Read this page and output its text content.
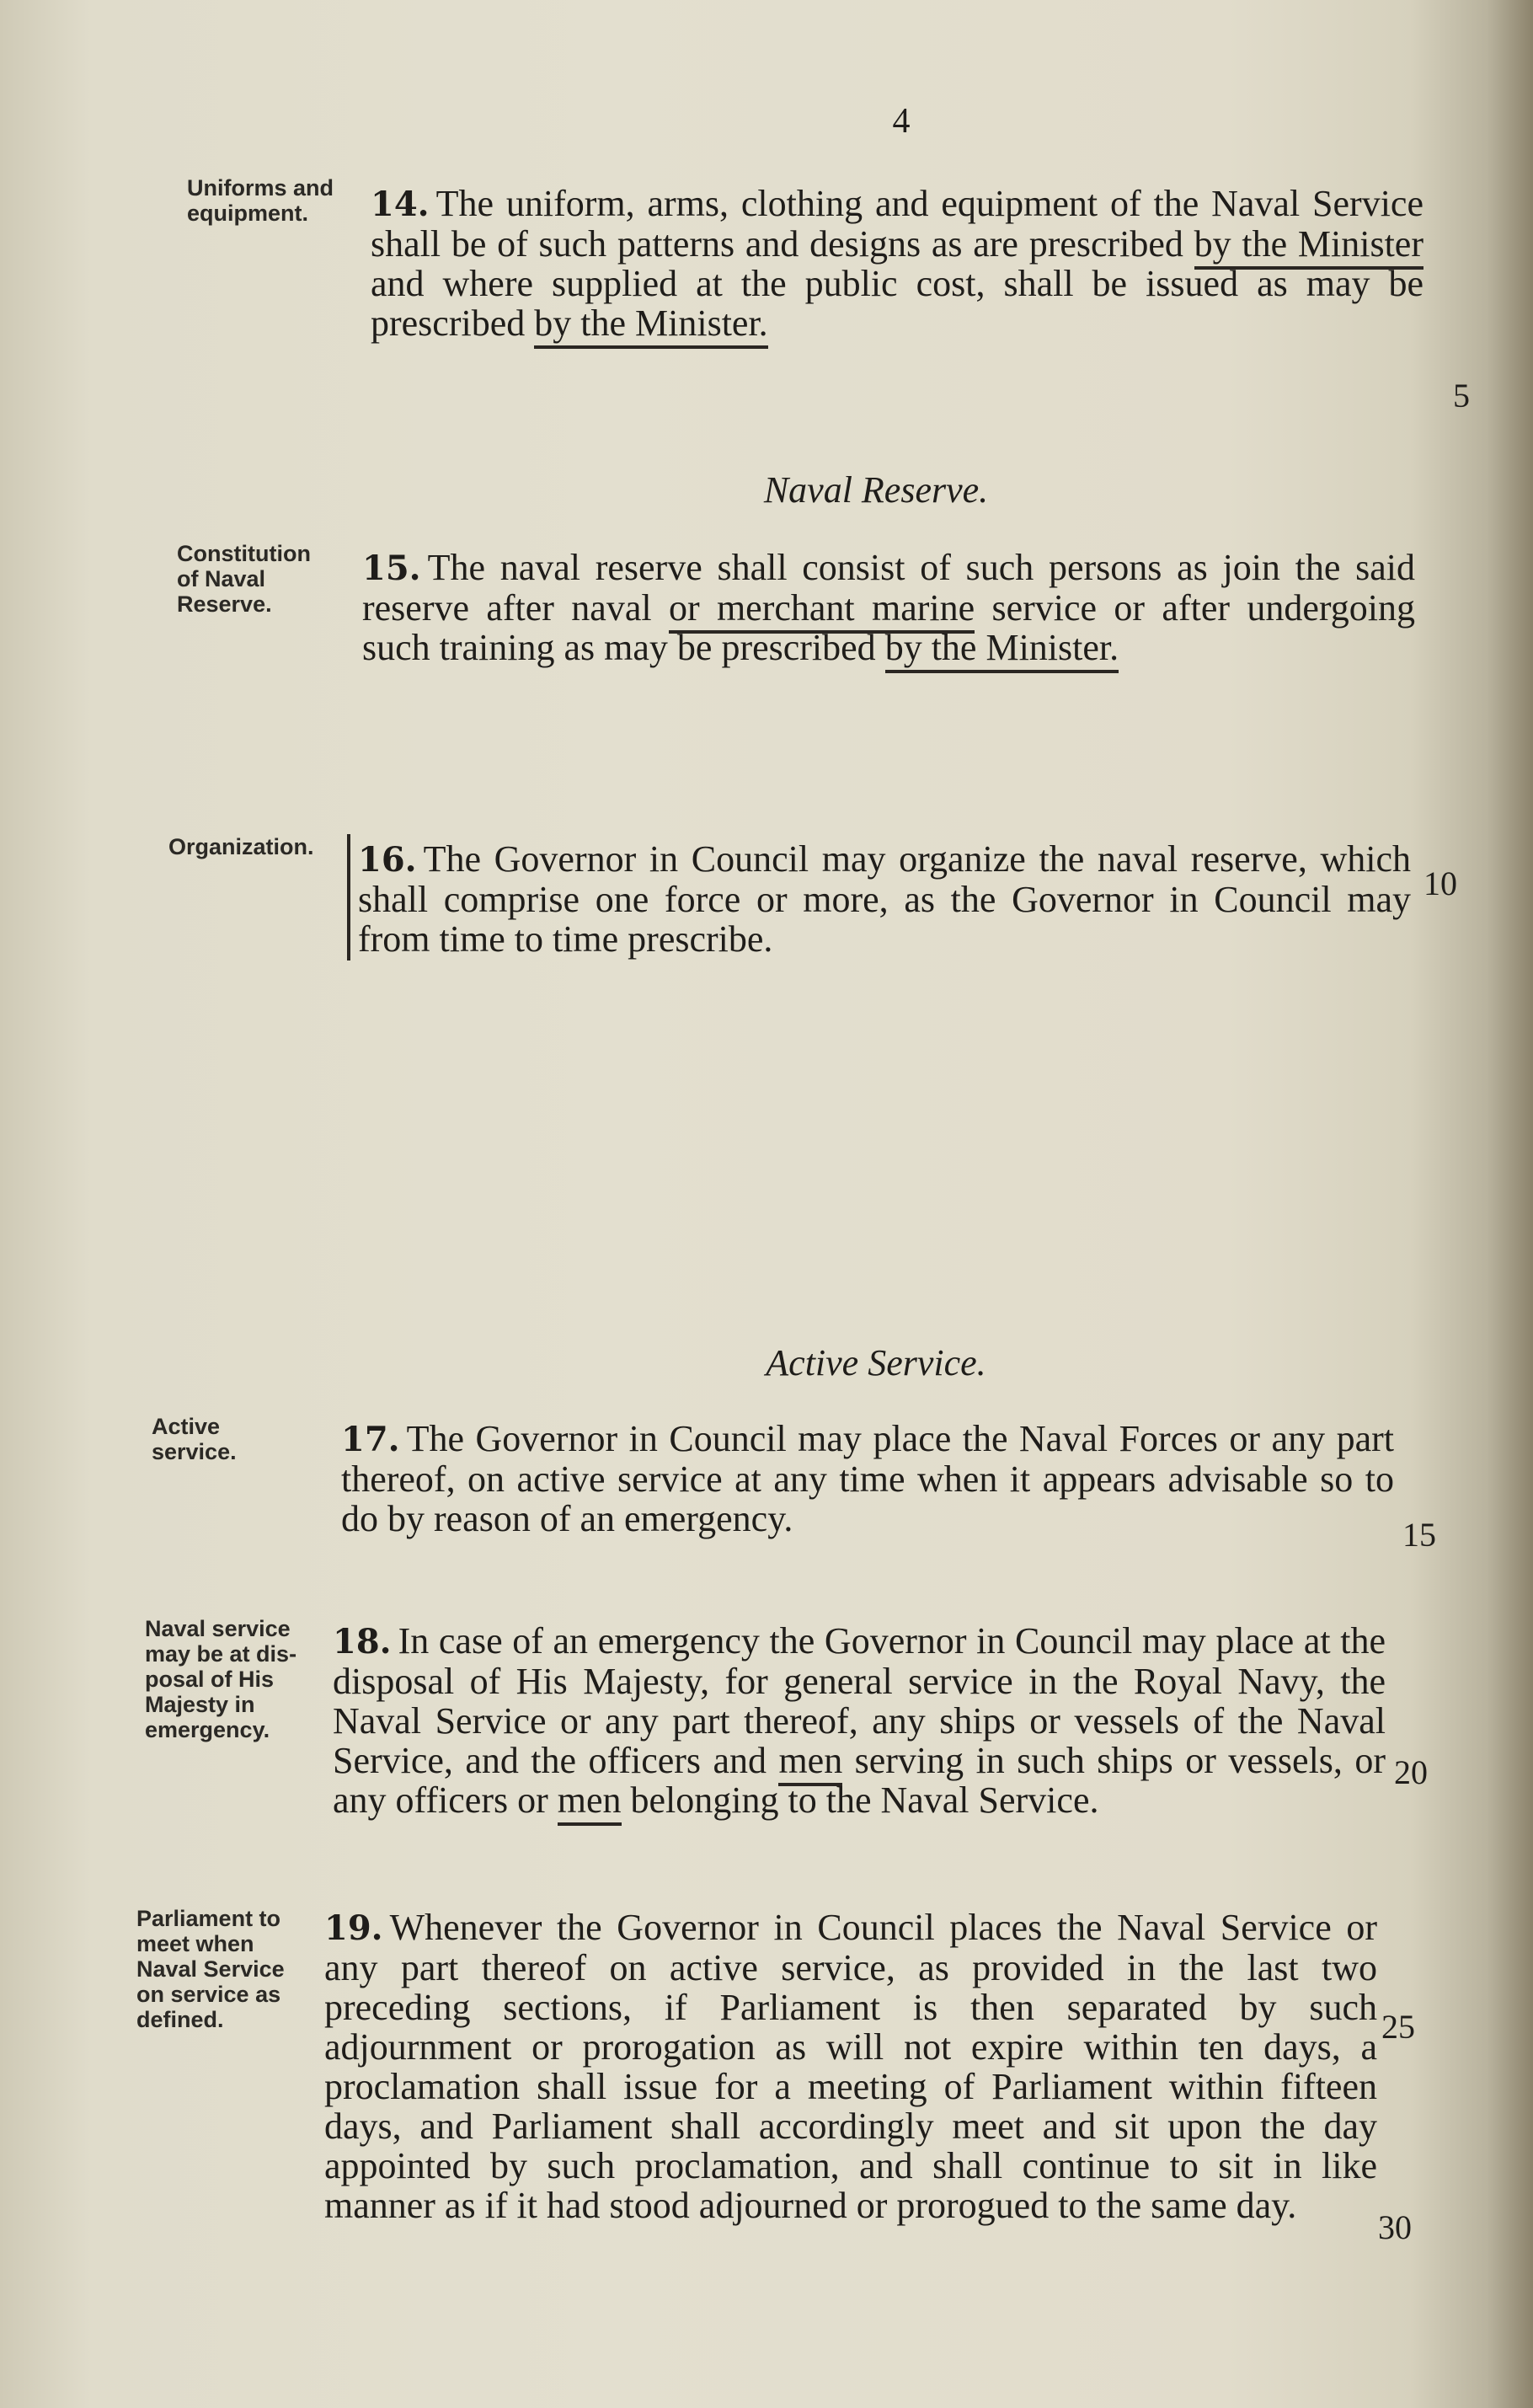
4
Uniforms and equipment.	14. The uniform, arms, clothing and equipment of the Naval Service shall be of such patterns and designs as are prescribed by the Minister and where supplied at the public cost, shall be issued as may be prescribed by the Minister.
5
Naval Reserve.
Constitution of Naval Reserve.
15. The naval reserve shall consist of such persons as join the said reserve after naval or merchant marine service or after undergoing such training as may be prescribed by the Minister.
Organization.	16. The Governor in Council may organize the naval reserve, which shall comprise one force or more, as the Governor in Council may from time to time prescribe.
10
Active Service.
Active service.	17. The Governor in Council may place the Naval Forces or any part thereof, on active service at any time when it appears advisable so to do by reason of an emergency.	15
Naval service may be at disposal of His Majesty in emergency.
18. In case of an emergency the Governor in Council may place at the disposal of His Majesty, for general service in the Royal Navy, the Naval Service or any part thereof, any ships or vessels of the Naval Service, and the officers and men serving in such ships or vessels, or any officers or men belonging to the Naval Service.
20
Parliament to meet when Naval Service on service as defined.
19. Whenever the Governor in Council places the Naval Service or any part thereof on active service, as provided in the last two preceding sections, if Parliament is then separated by such adjournment or prorogation as will not expire within ten days, a proclamation shall issue for a meeting of Parliament within fifteen days, and Parliament shall accordingly meet and sit upon the day appointed by such proclamation, and shall continue to sit in like manner as if it had stood adjourned or prorogued to the same day.
25
30
